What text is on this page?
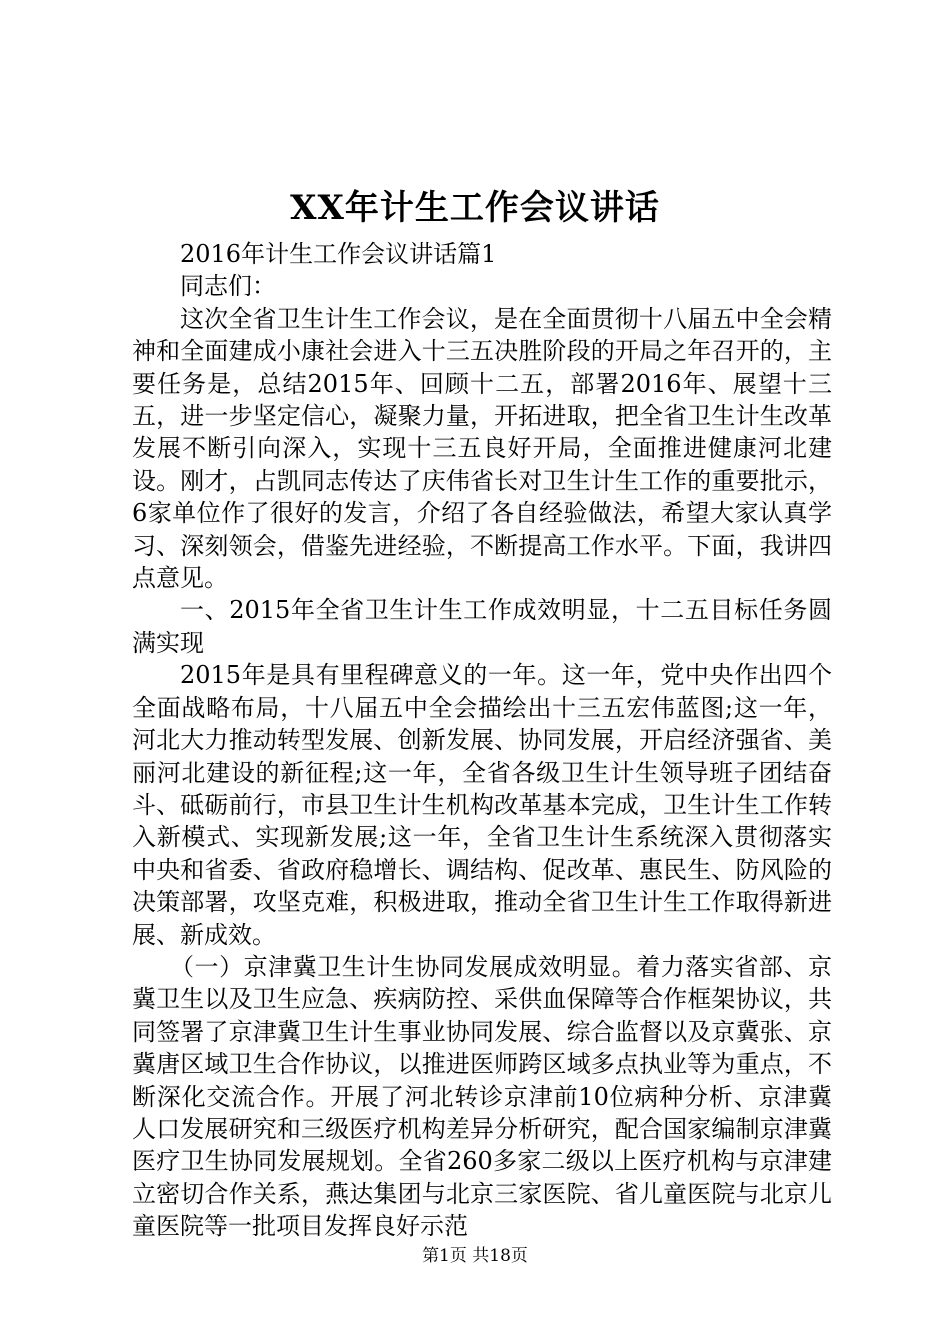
XX年计生工作会议讲话

2016年计生工作会议讲话篇1

同志们：

这次全省卫生计生工作会议，是在全面贯彻十八届五中全会精神和全面建成小康社会进入十三五决胜阶段的开局之年召开的，主要任务是，总结2015年、回顾十二五，部署2016年、展望十三五，进一步坚定信心，凝聚力量，开拓进取，把全省卫生计生改革发展不断引向深入，实现十三五良好开局，全面推进健康河北建设。刚才，占凯同志传达了庆伟省长对卫生计生工作的重要批示，6家单位作了很好的发言，介绍了各自经验做法，希望大家认真学习、深刻领会，借鉴先进经验，不断提高工作水平。下面，我讲四点意见。

一、2015年全省卫生计生工作成效明显，十二五目标任务圆满实现

2015年是具有里程碑意义的一年。这一年，党中央作出四个全面战略布局，十八届五中全会描绘出十三五宏伟蓝图;这一年，河北大力推动转型发展、创新发展、协同发展，开启经济强省、美丽河北建设的新征程;这一年，全省各级卫生计生领导班子团结奋斗、砥砺前行，市县卫生计生机构改革基本完成，卫生计生工作转入新模式、实现新发展;这一年，全省卫生计生系统深入贯彻落实中央和省委、省政府稳增长、调结构、促改革、惠民生、防风险的决策部署，攻坚克难，积极进取，推动全省卫生计生工作取得新进展、新成效。

（一）京津冀卫生计生协同发展成效明显。着力落实省部、京冀卫生以及卫生应急、疾病防控、采供血保障等合作框架协议，共同签署了京津冀卫生计生事业协同发展、综合监督以及京冀张、京冀唐区域卫生合作协议，以推进医师跨区域多点执业等为重点，不断深化交流合作。开展了河北转诊京津前10位病种分析、京津冀人口发展研究和三级医疗机构差异分析研究，配合国家编制京津冀医疗卫生协同发展规划。全省260多家二级以上医疗机构与京津建立密切合作关系，燕达集团与北京三家医院、省儿童医院与北京儿童医院等一批项目发挥良好示范

第1页 共18页
